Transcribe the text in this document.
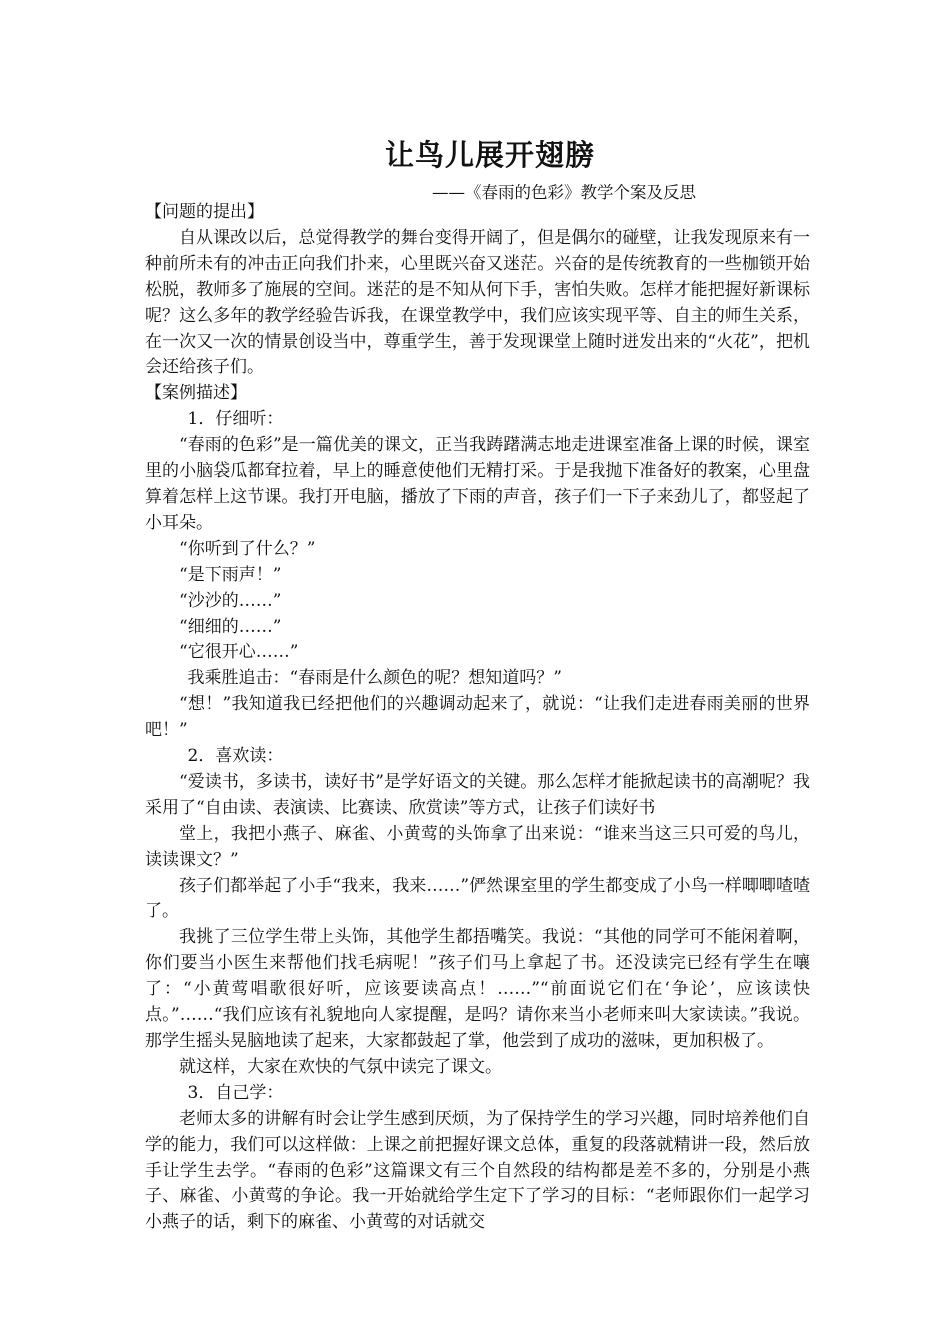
让鸟儿展开翅膀
——《春雨的色彩》教学个案及反思

【问题的提出】

自从课改以后，总觉得教学的舞台变得开阔了，但是偶尔的碰壁，让我发现原来有一种前所未有的冲击正向我们扑来，心里既兴奋又迷茫。兴奋的是传统教育的一些枷锁开始松脱，教师多了施展的空间。迷茫的是不知从何下手，害怕失败。怎样才能把握好新课标呢？这么多年的教学经验告诉我，在课堂教学中，我们应该实现平等、自主的师生关系，在一次又一次的情景创设当中，尊重学生，善于发现课堂上随时迸发出来的“火花”，把机会还给孩子们。

【案例描述】

1．仔细听：

“春雨的色彩”是一篇优美的课文，正当我踌躇满志地走进课室准备上课的时候，课室里的小脑袋瓜都耷拉着，早上的睡意使他们无精打采。于是我抛下准备好的教案，心里盘算着怎样上这节课。我打开电脑，播放了下雨的声音，孩子们一下子来劲儿了，都竖起了小耳朵。

“你听到了什么？”

“是下雨声！”

“沙沙的……”

“细细的……”

“它很开心……”

我乘胜追击：“春雨是什么颜色的呢？想知道吗？”

“想！”我知道我已经把他们的兴趣调动起来了，就说：“让我们走进春雨美丽的世界吧！”

2．喜欢读：

“爱读书，多读书，读好书”是学好语文的关键。那么怎样才能掀起读书的高潮呢？我采用了“自由读、表演读、比赛读、欣赏读”等方式，让孩子们读好书

堂上，我把小燕子、麻雀、小黄莺的头饰拿了出来说：“谁来当这三只可爱的鸟儿，读读课文？”

孩子们都举起了小手“我来，我来……”俨然课室里的学生都变成了小鸟一样唧唧喳喳了。

我挑了三位学生带上头饰，其他学生都捂嘴笑。我说：“其他的同学可不能闲着啊，你们要当小医生来帮他们找毛病呢！”孩子们马上拿起了书。还没读完已经有学生在嚷了：“小黄莺唱歌很好听，应该要读高点！……”“前面说它们在‘争论’，应该读快点。”……“我们应该有礼貌地向人家提醒，是吗？请你来当小老师来叫大家读读。”我说。那学生摇头晃脑地读了起来，大家都鼓起了掌，他尝到了成功的滋味，更加积极了。

就这样，大家在欢快的气氛中读完了课文。

3．自己学：

老师太多的讲解有时会让学生感到厌烦，为了保持学生的学习兴趣，同时培养他们自学的能力，我们可以这样做：上课之前把握好课文总体，重复的段落就精讲一段，然后放手让学生去学。“春雨的色彩”这篇课文有三个自然段的结构都是差不多的，分别是小燕子、麻雀、小黄莺的争论。我一开始就给学生定下了学习的目标：“老师跟你们一起学习小燕子的话，剩下的麻雀、小黄莺的对话就交
